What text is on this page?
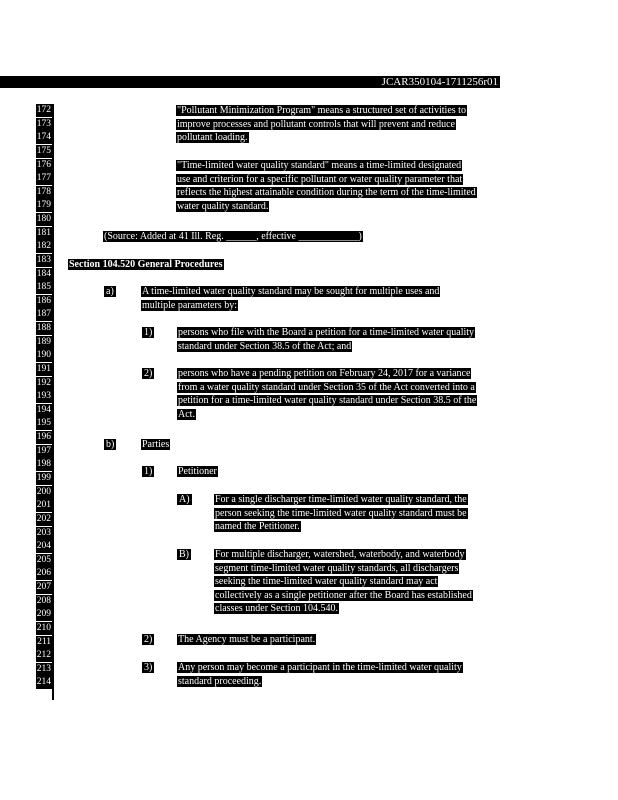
JCAR350104-1711256r01
172
173
174
175
176
177
178
179
180
181
182
183
184
185
186
187
188
189
190
191
192
193
194
195
196
197
198
199
200
201
202
203
204
205
206
207
208
209
210
211
212
213
214
"Pollutant Minimization Program" means a structured set of activities to
improve processes and pollutant controls that will prevent and reduce
pollutant loading.
"Time-limited water quality standard" means a time-limited designated
use and criterion for a specific pollutant or water quality parameter that
reflects the highest attainable condition during the term of the time-limited
water quality standard.
(Source: Added at 41 Ill. Reg. ______, effective ____________)
Section 104.520 General Procedures
a)	A time-limited water quality standard may be sought for multiple uses and
multiple parameters by:
1)	persons who file with the Board a petition for a time-limited water quality
standard under Section 38.5 of the Act; and
2)	persons who have a pending petition on February 24, 2017 for a variance
from a water quality standard under Section 35 of the Act converted into a
petition for a time-limited water quality standard under Section 38.5 of the
Act.
b)	Parties
1)	Petitioner
A)	For a single discharger time-limited water quality standard, the
person seeking the time-limited water quality standard must be
named the Petitioner.
B)	For multiple discharger, watershed, waterbody, and waterbody
segment time-limited water quality standards, all dischargers
seeking the time-limited water quality standard may act
collectively as a single petitioner after the Board has established
classes under Section 104.540.
2)	The Agency must be a participant.
3)	Any person may become a participant in the time-limited water quality
standard proceeding.
